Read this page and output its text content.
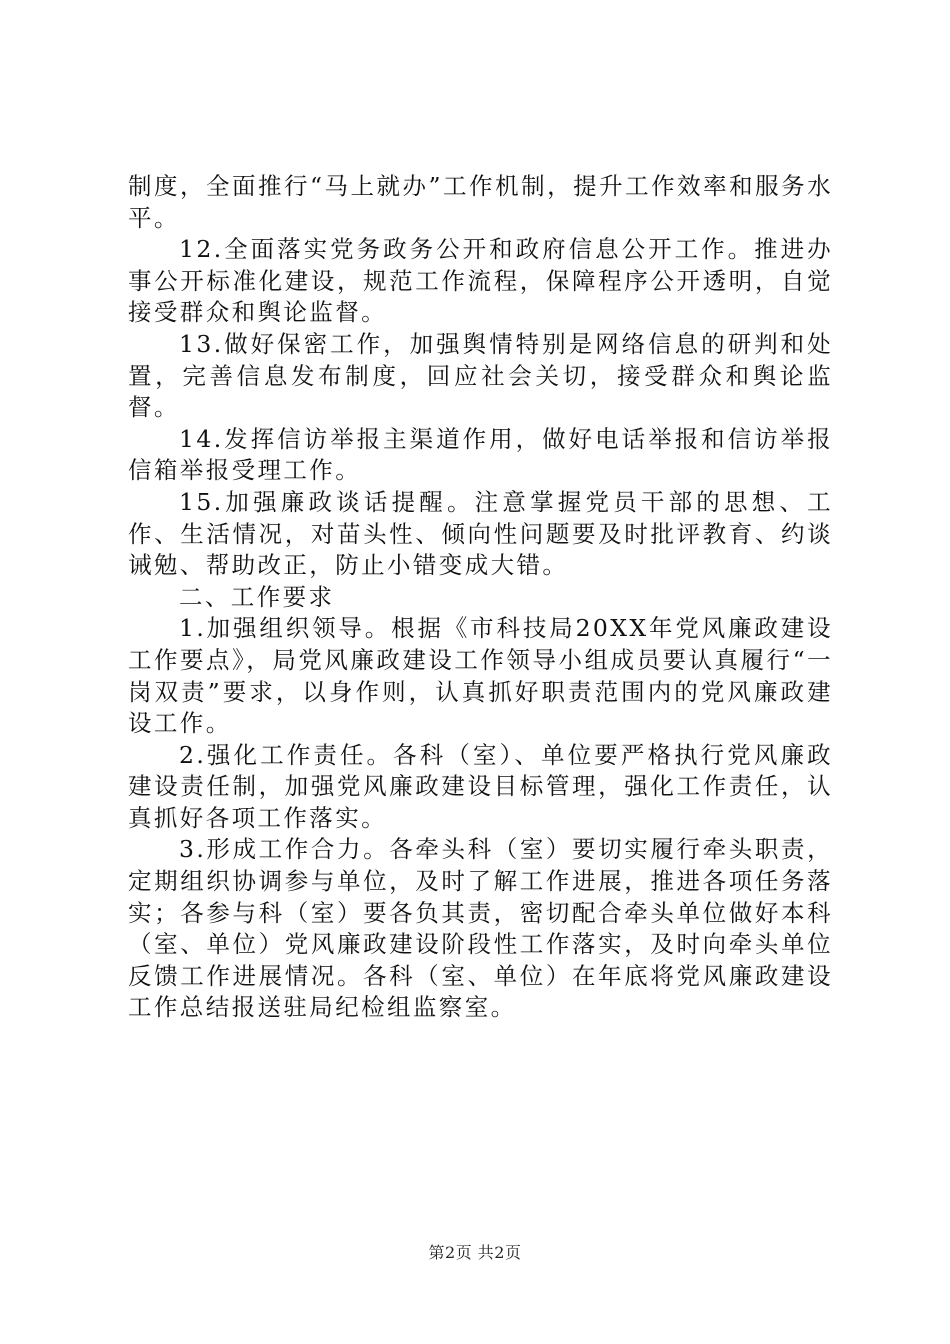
制度，全面推行“马上就办”工作机制，提升工作效率和服务水平。

12.全面落实党务政务公开和政府信息公开工作。推进办事公开标准化建设，规范工作流程，保障程序公开透明，自觉接受群众和舆论监督。

13.做好保密工作，加强舆情特别是网络信息的研判和处置，完善信息发布制度，回应社会关切，接受群众和舆论监督。

14.发挥信访举报主渠道作用，做好电话举报和信访举报信箱举报受理工作。

15.加强廉政谈话提醒。注意掌握党员干部的思想、工作、生活情况，对苗头性、倾向性问题要及时批评教育、约谈诫勉、帮助改正，防止小错变成大错。

二、工作要求

1.加强组织领导。根据《市科技局20XX年党风廉政建设工作要点》，局党风廉政建设工作领导小组成员要认真履行“一岗双责”要求，以身作则，认真抓好职责范围内的党风廉政建设工作。

2.强化工作责任。各科（室）、单位要严格执行党风廉政建设责任制，加强党风廉政建设目标管理，强化工作责任，认真抓好各项工作落实。

3.形成工作合力。各牵头科（室）要切实履行牵头职责，定期组织协调参与单位，及时了解工作进展，推进各项任务落实；各参与科（室）要各负其责，密切配合牵头单位做好本科（室、单位）党风廉政建设阶段性工作落实，及时向牵头单位反馈工作进展情况。各科（室、单位）在年底将党风廉政建设工作总结报送驻局纪检组监察室。

第2页 共2页
